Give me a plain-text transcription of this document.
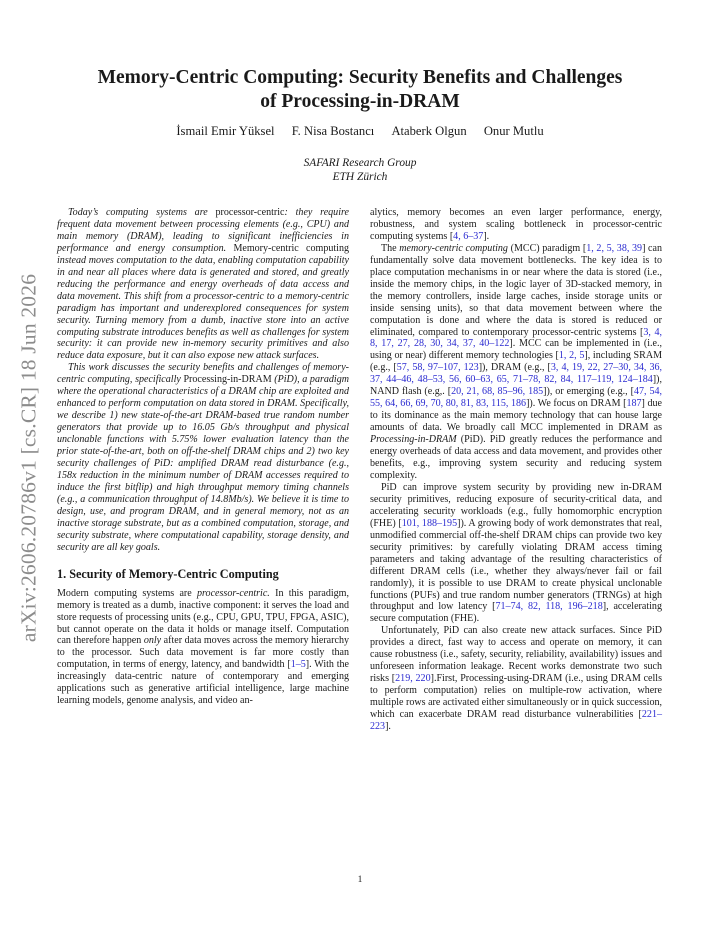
arXiv:2606.20786v1 [cs.CR] 18 Jun 2026
Memory-Centric Computing: Security Benefits and Challenges
of Processing-in-DRAM
İsmail Emir Yüksel F. Nisa Bostancı Ataberk Olgun Onur Mutlu
SAFARI Research Group
ETH Zürich

Today’s computing systems are processor-centric: they require frequent data movement between processing elements (e.g., CPU) and main memory (DRAM), leading to significant inefficiencies in performance and energy consumption. Memory-centric computing instead moves computation to the data, enabling computation capability in and near all places where data is generated and stored, and greatly reducing the performance and energy overheads of data access and data movement. This shift from a processor-centric to a memory-centric paradigm has important and underexplored consequences for system security. Turning memory from a dumb, inactive store into an active computing substrate introduces benefits as well as challenges for system security: it can provide new in-memory security primitives and also reduce data exposure, but it can also expose new attack surfaces.

This work discusses the security benefits and challenges of memory-centric computing, specifically Processing-in-DRAM (PiD), a paradigm where the operational characteristics of a DRAM chip are exploited and enhanced to perform computation on data stored in DRAM. Specifically, we describe 1) new state-of-the-art DRAM-based true random number generators that provide up to 16.05 Gb/s throughput and physical unclonable functions with 5.75% lower evaluation latency than the prior state-of-the-art, both on off-the-shelf DRAM chips and 2) two key security challenges of PiD: amplified DRAM read disturbance (e.g., 158x reduction in the minimum number of DRAM accesses required to induce the first bitflip) and high throughput memory timing channels (e.g., a communication throughput of 14.8Mb/s). We believe it is time to design, use, and program DRAM, and in general memory, not as an inactive storage substrate, but as a combined computation, storage, and security substrate, where computational capability, storage density, and security are all key goals.

1. Security of Memory-Centric Computing

Modern computing systems are processor-centric. In this paradigm, memory is treated as a dumb, inactive component: it serves the load and store requests of processing units (e.g., CPU, GPU, TPU, FPGA, ASIC), but cannot operate on the data it holds or manage itself. Computation can therefore happen only after data moves across the memory hierarchy to the processor. Such data movement is far more costly than computation, in terms of energy, latency, and bandwidth [1–5]. With the increasingly data-centric nature of contemporary and emerging applications such as generative artificial intelligence, large machine learning models, genome analysis, and video an-

alytics, memory becomes an even larger performance, energy, robustness, and system scaling bottleneck in processor-centric computing systems [4, 6–37].

The memory-centric computing (MCC) paradigm [1, 2, 5, 38, 39] can fundamentally solve data movement bottlenecks. The key idea is to place computation mechanisms in or near where the data is stored (i.e., inside the memory chips, in the logic layer of 3D-stacked memory, in the memory controllers, inside large caches, inside storage units or inside sensing units), so that data movement between where the computation is done and where the data is stored is reduced or eliminated, compared to contemporary processor-centric systems [3, 4, 8, 17, 27, 28, 30, 34, 37, 40–122]. MCC can be implemented in (i.e., using or near) different memory technologies [1, 2, 5], including SRAM (e.g., [57, 58, 97–107, 123]), DRAM (e.g., [3, 4, 19, 22, 27–30, 34, 36, 37, 44–46, 48–53, 56, 60–63, 65, 71–78, 82, 84, 117–119, 124–184]), NAND flash (e.g,. [20, 21, 68, 85–96, 185]), or emerging (e.g., [47, 54, 55, 64, 66, 69, 70, 80, 81, 83, 115, 186]). We focus on DRAM [187] due to its dominance as the main memory technology that can house large amounts of data. We broadly call MCC implemented in DRAM as Processing-in-DRAM (PiD). PiD greatly reduces the performance and energy overheads of data access and data movement, and provides other benefits, e.g., improving system security and reducing system complexity.

PiD can improve system security by providing new in-DRAM security primitives, reducing exposure of security-critical data, and accelerating security workloads (e.g., fully homomorphic encryption (FHE) [101, 188–195]). A growing body of work demonstrates that real, unmodified commercial off-the-shelf DRAM chips can provide two key security primitives: by carefully violating DRAM access timing parameters and taking advantage of the resulting characteristics of different DRAM cells (i.e., whether they always/never fail or fail randomly), it is possible to use DRAM to create physical unclonable functions (PUFs) and true random number generators (TRNGs) at high throughput and low latency [71–74, 82, 118, 196–218], accelerating secure computation (FHE).

Unfortunately, PiD can also create new attack surfaces. Since PiD provides a direct, fast way to access and operate on memory, it can cause robustness (i.e., safety, security, reliability, availability) issues and unforeseen information leakage. Recent works demonstrate two such risks [219, 220].First, Processing-using-DRAM (i.e., using DRAM cells to perform computation) relies on multiple-row activation, where multiple rows are activated either simultaneously or in quick succession, which can exacerbate DRAM read disturbance vulnerabilities [221–223].

1
